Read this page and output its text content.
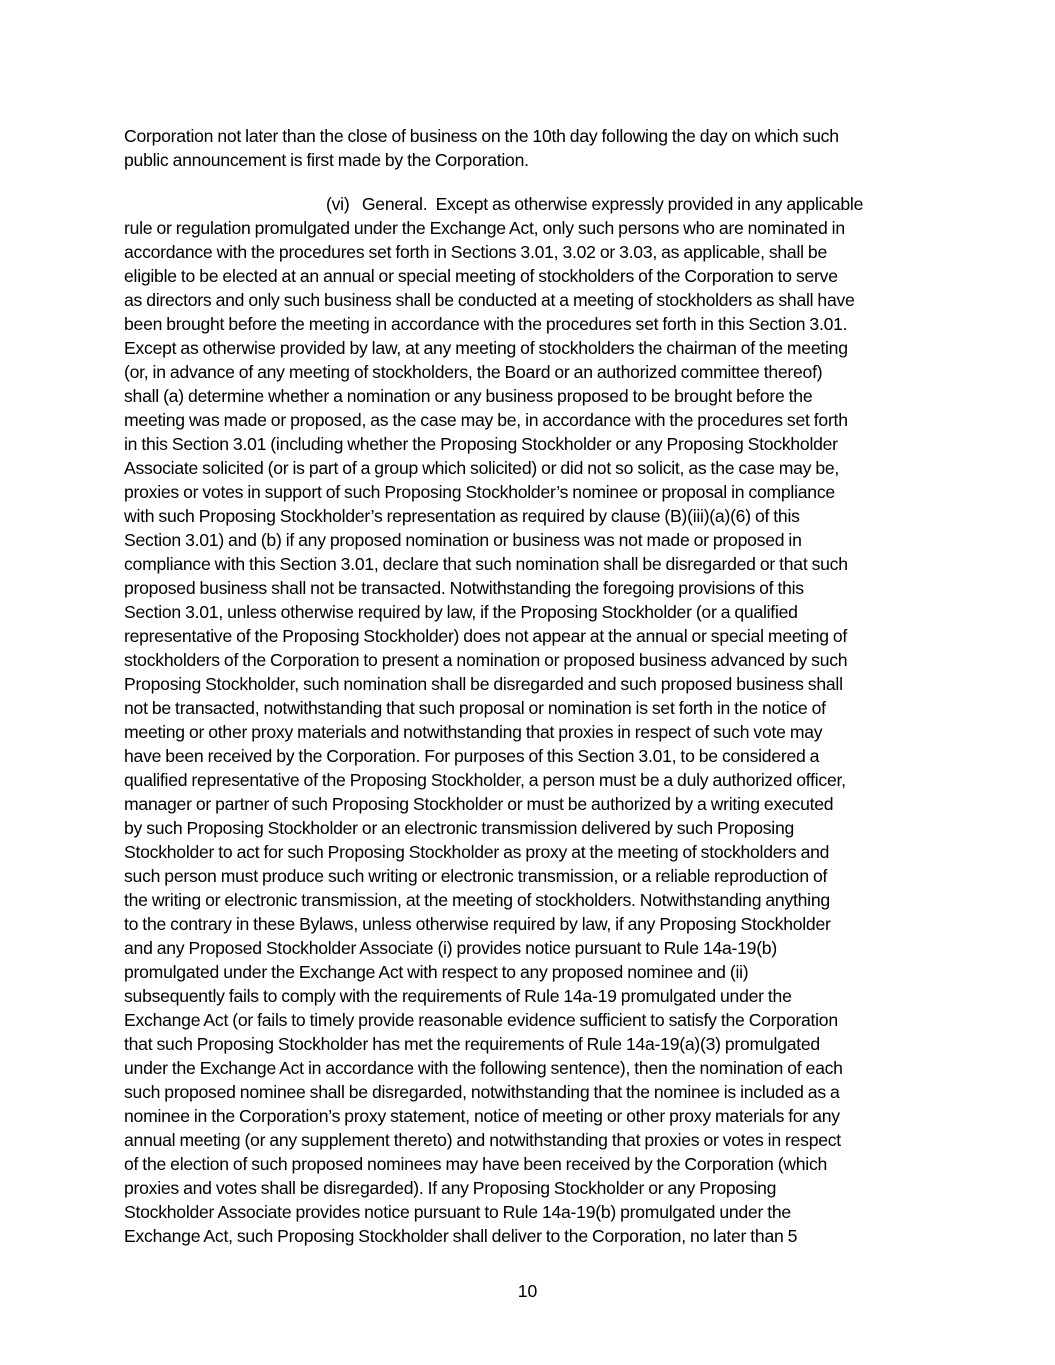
Corporation not later than the close of business on the 10th day following the day on which such
public announcement is first made by the Corporation.

(vi) General. Except as otherwise expressly provided in any applicable
rule or regulation promulgated under the Exchange Act, only such persons who are nominated in
accordance with the procedures set forth in Sections 3.01, 3.02 or 3.03, as applicable, shall be
eligible to be elected at an annual or special meeting of stockholders of the Corporation to serve
as directors and only such business shall be conducted at a meeting of stockholders as shall have
been brought before the meeting in accordance with the procedures set forth in this Section 3.01.
Except as otherwise provided by law, at any meeting of stockholders the chairman of the meeting
(or, in advance of any meeting of stockholders, the Board or an authorized committee thereof)
shall (a) determine whether a nomination or any business proposed to be brought before the
meeting was made or proposed, as the case may be, in accordance with the procedures set forth
in this Section 3.01 (including whether the Proposing Stockholder or any Proposing Stockholder
Associate solicited (or is part of a group which solicited) or did not so solicit, as the case may be,
proxies or votes in support of such Proposing Stockholder’s nominee or proposal in compliance
with such Proposing Stockholder’s representation as required by clause (B)(iii)(a)(6) of this
Section 3.01) and (b) if any proposed nomination or business was not made or proposed in
compliance with this Section 3.01, declare that such nomination shall be disregarded or that such
proposed business shall not be transacted. Notwithstanding the foregoing provisions of this
Section 3.01, unless otherwise required by law, if the Proposing Stockholder (or a qualified
representative of the Proposing Stockholder) does not appear at the annual or special meeting of
stockholders of the Corporation to present a nomination or proposed business advanced by such
Proposing Stockholder, such nomination shall be disregarded and such proposed business shall
not be transacted, notwithstanding that such proposal or nomination is set forth in the notice of
meeting or other proxy materials and notwithstanding that proxies in respect of such vote may
have been received by the Corporation. For purposes of this Section 3.01, to be considered a
qualified representative of the Proposing Stockholder, a person must be a duly authorized officer,
manager or partner of such Proposing Stockholder or must be authorized by a writing executed
by such Proposing Stockholder or an electronic transmission delivered by such Proposing
Stockholder to act for such Proposing Stockholder as proxy at the meeting of stockholders and
such person must produce such writing or electronic transmission, or a reliable reproduction of
the writing or electronic transmission, at the meeting of stockholders. Notwithstanding anything
to the contrary in these Bylaws, unless otherwise required by law, if any Proposing Stockholder
and any Proposed Stockholder Associate (i) provides notice pursuant to Rule 14a-19(b)
promulgated under the Exchange Act with respect to any proposed nominee and (ii)
subsequently fails to comply with the requirements of Rule 14a-19 promulgated under the
Exchange Act (or fails to timely provide reasonable evidence sufficient to satisfy the Corporation
that such Proposing Stockholder has met the requirements of Rule 14a-19(a)(3) promulgated
under the Exchange Act in accordance with the following sentence), then the nomination of each
such proposed nominee shall be disregarded, notwithstanding that the nominee is included as a
nominee in the Corporation’s proxy statement, notice of meeting or other proxy materials for any
annual meeting (or any supplement thereto) and notwithstanding that proxies or votes in respect
of the election of such proposed nominees may have been received by the Corporation (which
proxies and votes shall be disregarded). If any Proposing Stockholder or any Proposing
Stockholder Associate provides notice pursuant to Rule 14a-19(b) promulgated under the
Exchange Act, such Proposing Stockholder shall deliver to the Corporation, no later than 5

10
